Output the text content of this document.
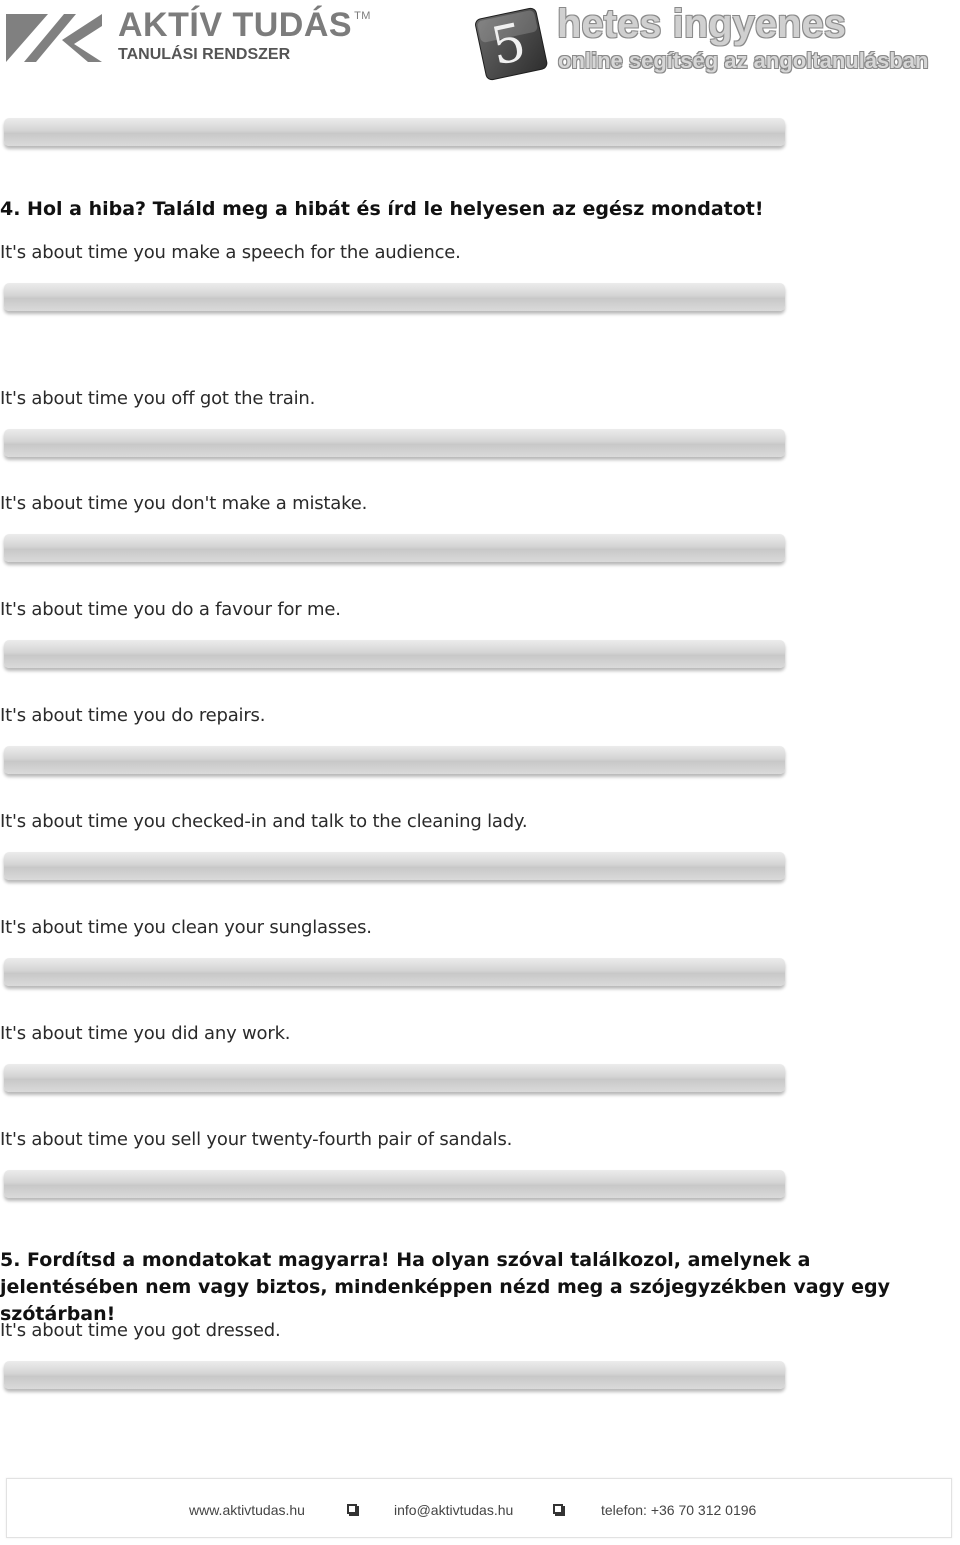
AKTÍV TUDÁS ™
TANULÁSI RENDSZER	5 hetes ingyenes
online segítség az angoltanulásban
4. Hol a hiba? Találd meg a hibát és írd le helyesen az egész mondatot!
It's about time you make a speech for the audience.
It's about time you off got the train.
It's about time you don't make a mistake.
It's about time you do a favour for me.
It's about time you do repairs.
It's about time you checked-in and talk to the cleaning lady.
It's about time you clean your sunglasses.
It's about time you did any work.
It's about time you sell your twenty-fourth pair of sandals.
5. Fordítsd a mondatokat magyarra! Ha olyan szóval találkozol, amelynek a jelentésében nem vagy biztos, mindenképpen nézd meg a szójegyzékben vagy egy szótárban!
It's about time you got dressed.
www.aktivtudas.hu	info@aktivtudas.hu	telefon: +36 70 312 0196
